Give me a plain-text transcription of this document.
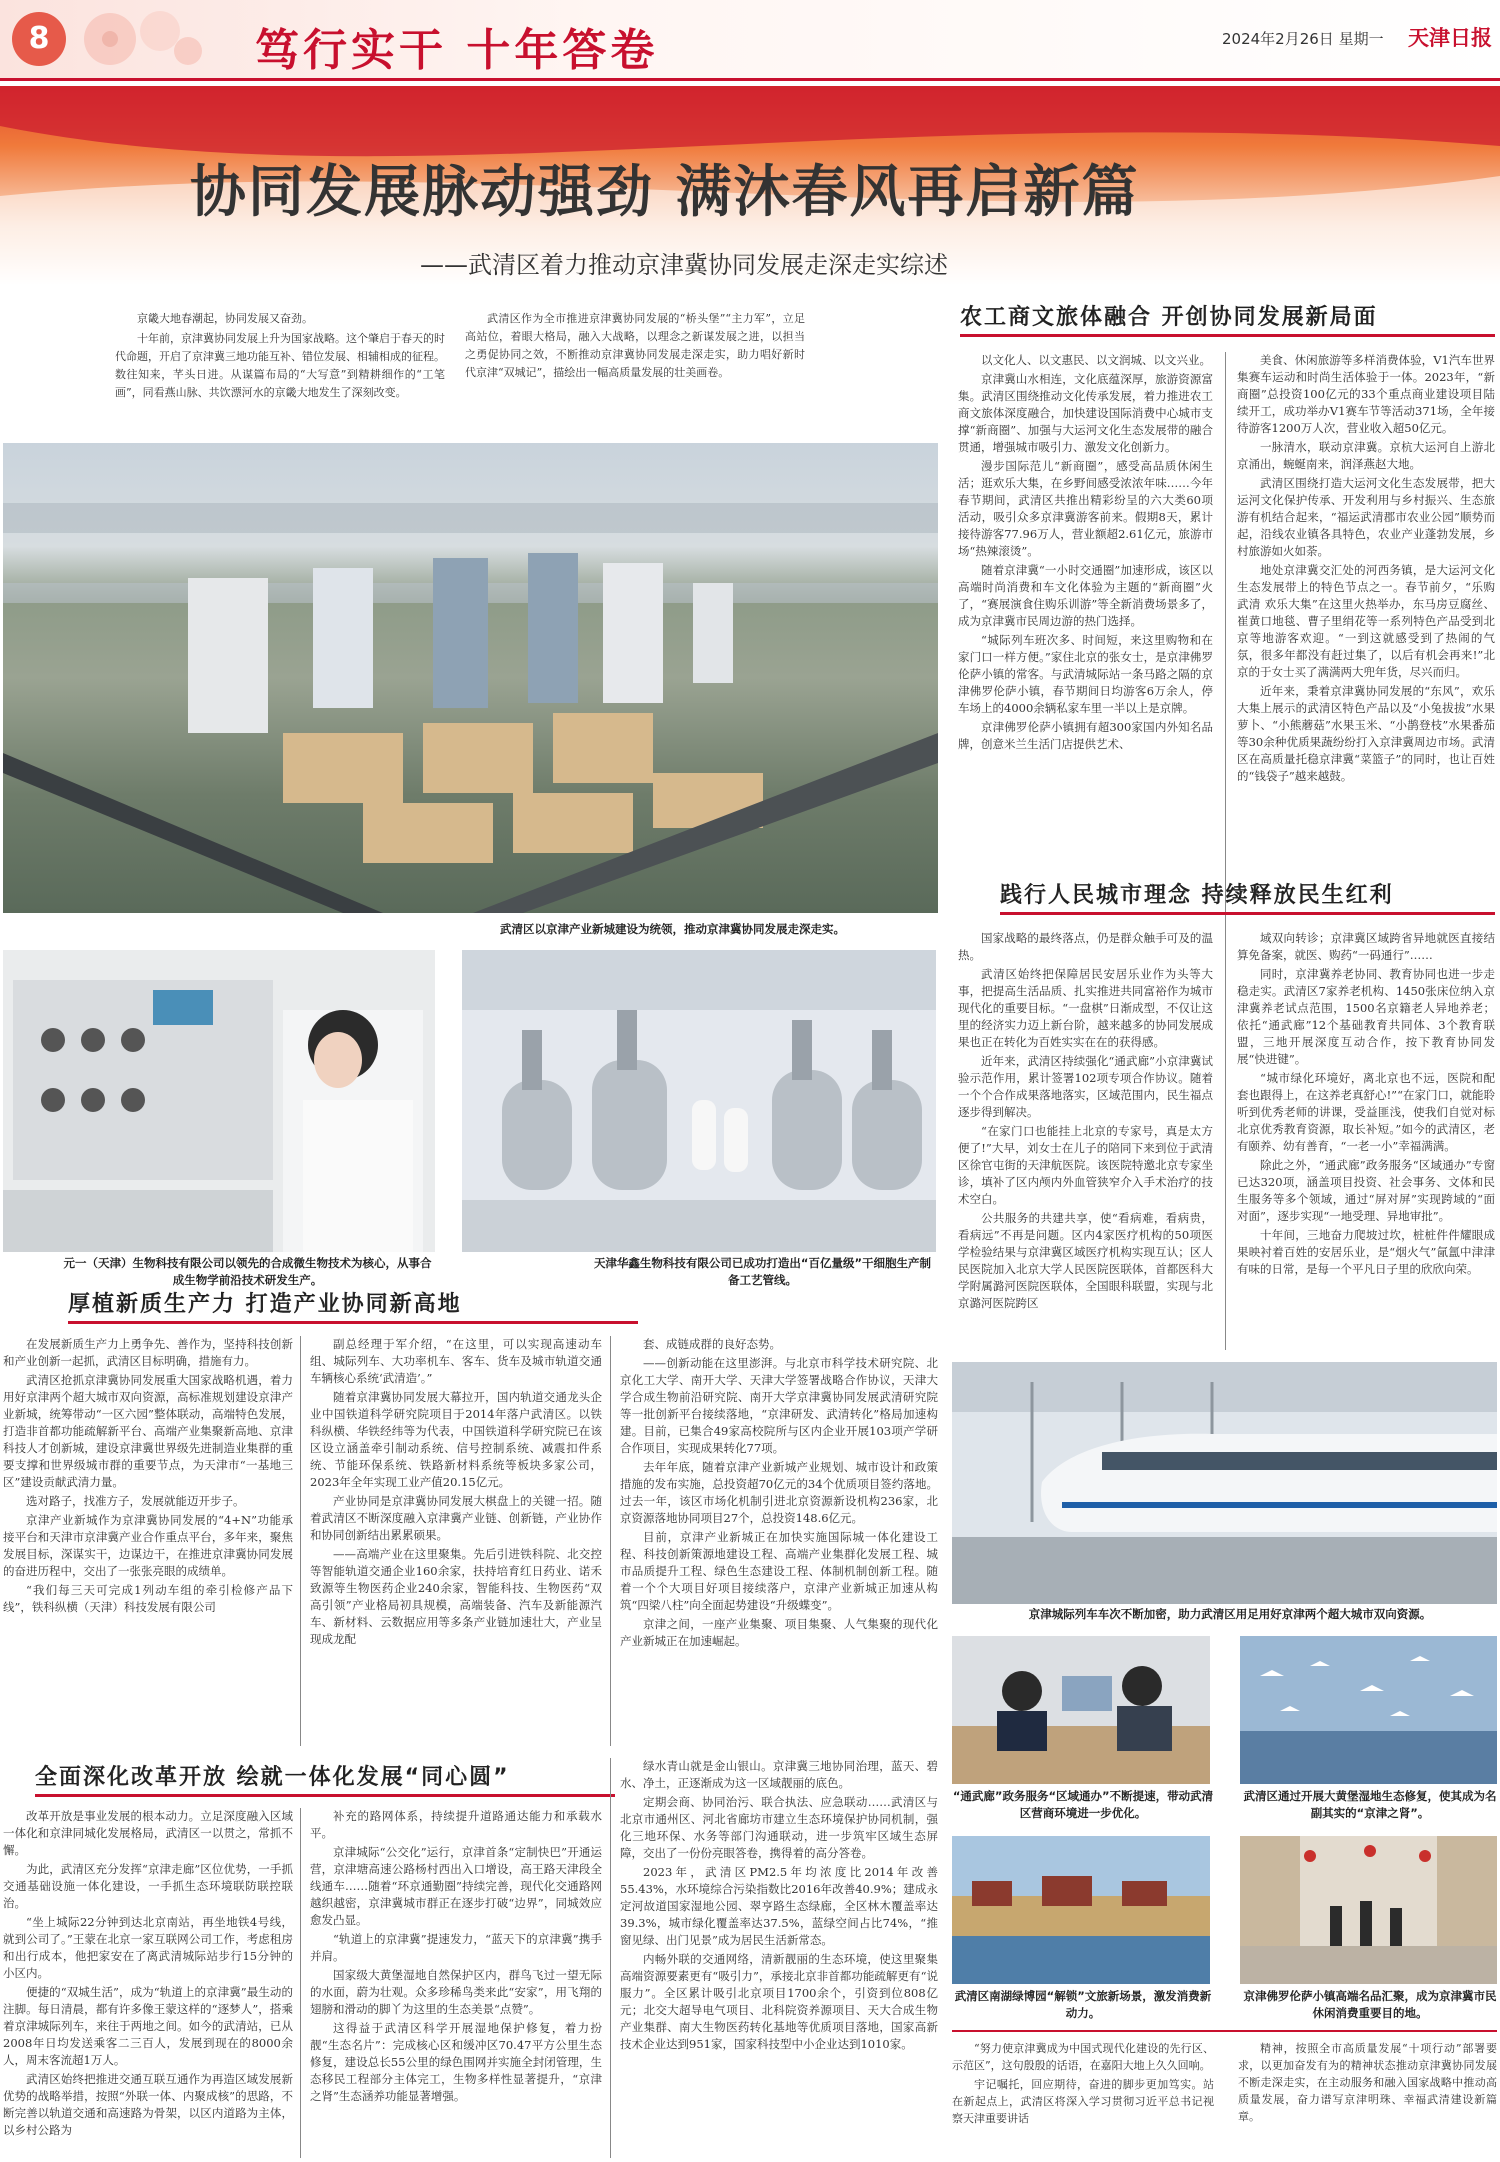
8	笃行实干 十年答卷	2024年2月26日 星期一 天津日报
协同发展脉动强劲 满沐春风再启新篇
——武清区着力推动京津冀协同发展走深走实综述

京畿大地春潮起，协同发展又奋劲。

十年前，京津冀协同发展上升为国家战略。这个肇启于春天的时代命题，开启了京津冀三地功能互补、错位发展、相辅相成的征程。数往知来，芊头日进。从谋篇布局的“大写意”到精耕细作的“工笔画”，同看燕山脉、共饮漂河水的京畿大地发生了深刻改变。

武清区作为全市推进京津冀协同发展的“桥头堡”“主力军”，立足高站位，着眼大格局，融入大战略，以理念之新谋发展之进，以担当之勇促协同之效，不断推动京津冀协同发展走深走实，助力唱好新时代京津“双城记”，描绘出一幅高质量发展的壮美画卷。

武清区以京津产业新城建设为统领，推动京津冀协同发展走深走实。
元一（天津）生物科技有限公司以领先的合成微生物技术为核心，从事合成生物学前沿技术研发生产。
天津华鑫生物科技有限公司已成功打造出“百亿量级”干细胞生产制备工艺管线。
农工商文旅体融合 开创协同发展新局面

以文化人、以文惠民、以文润城、以文兴业。

京津冀山水相连，文化底蕴深厚，旅游资源富集。武清区围绕推动文化传承发展，着力推进农工商文旅体深度融合，加快建设国际消费中心城市支撑“新商圈”、加强与大运河文化生态发展带的融合贯通，增强城市吸引力、激发文化创新力。

漫步国际范儿“新商圈”，感受高品质休闲生活；逛欢乐大集，在乡野间感受浓浓年味……今年春节期间，武清区共推出精彩纷呈的六大类60项活动，吸引众多京津冀游客前来。假期8天，累计接待游客77.96万人，营业额超2.61亿元，旅游市场“热辣滚烫”。

随着京津冀“一小时交通圈”加速形成，该区以高端时尚消费和车文化体验为主题的“新商圈”火了，“赛展演食住购乐训游”等全新消费场景多了，成为京津冀市民周边游的热门选择。

“城际列车班次多、时间短，来这里购物和在家门口一样方便。”家住北京的张女士，是京津佛罗伦萨小镇的常客。与武清城际站一条马路之隔的京津佛罗伦萨小镇，春节期间日均游客6万余人，停车场上的4000余辆私家车里一半以上是京牌。

京津佛罗伦萨小镇拥有超300家国内外知名品牌，创意米兰生活门店提供艺术、

美食、休闲旅游等多样消费体验，V1汽车世界集赛车运动和时尚生活体验于一体。2023年，“新商圈”总投资100亿元的33个重点商业建设项目陆续开工，成功举办V1赛车节等活动371场，全年接待游客1200万人次，营业收入超50亿元。

一脉清水，联动京津冀。京杭大运河自上游北京涌出，蜿蜒南来，润泽燕赵大地。

武清区围绕打造大运河文化生态发展带，把大运河文化保护传承、开发利用与乡村振兴、生态旅游有机结合起来，“福运武清郡市农业公园”顺势而起，沿线农业镇各具特色，农业产业蓬勃发展，乡村旅游如火如荼。

地处京津冀交汇处的河西务镇，是大运河文化生态发展带上的特色节点之一。春节前夕，“乐购武清 欢乐大集”在这里火热举办，东马房豆腐丝、崔黄口地毯、曹子里绢花等一系列特色产品受到北京等地游客欢迎。“一到这就感受到了热闹的气氛，很多年都没有赶过集了，以后有机会再来!”北京的于女士买了满满两大兜年货，尽兴而归。

近年来，秉着京津冀协同发展的“东风”，欢乐大集上展示的武清区特色产品以及“小兔拔拔”水果萝卜、“小熊蘑菇”水果玉米、“小鹊登枝”水果番茄等30余种优质果蔬纷纷打入京津冀周边市场。武清区在高质量托稳京津冀“菜篮子”的同时，也让百姓的“钱袋子”越来越鼓。

践行人民城市理念 持续释放民生红利

国家战略的最终落点，仍是群众触手可及的温热。

武清区始终把保障居民安居乐业作为头等大事，把提高生活品质、扎实推进共同富裕作为城市现代化的重要目标。“一盘棋”日渐成型，不仅让这里的经济实力迈上新台阶，越来越多的协同发展成果也正在转化为百姓实实在在的获得感。

近年来，武清区持续强化“通武廊”小京津冀试验示范作用，累计签署102项专项合作协议。随着一个个合作成果落地落实，区域范围内，民生福点逐步得到解决。

“在家门口也能挂上北京的专家号，真是太方便了!”大早，刘女士在儿子的陪同下来到位于武清区徐官屯街的天津航医院。该医院特邀北京专家坐诊，填补了区内颅内外血管狭窄介入手术治疗的技术空白。

公共服务的共建共享，使“看病难，看病贵，看病远”不再是问题。区内4家医疗机构的50项医学检验结果与京津冀区域医疗机构实现互认；区人民医院加入北京大学人民医院医联体，首都医科大学附属潞河医院医联体，全国眼科联盟，实现与北京潞河医院跨区

域双向转诊；京津冀区域跨省异地就医直接结算免备案，就医、购药“一码通行”……

同时，京津冀养老协同、教育协同也进一步走稳走实。武清区7家养老机构、1450张床位纳入京津冀养老试点范围，1500名京籍老人异地养老；依托“通武廊”12个基础教育共同体、3个教育联盟，三地开展深度互动合作，按下教育协同发展“快进键”。

“城市绿化环境好，离北京也不远，医院和配套也跟得上，在这养老真舒心!”“在家门口，就能聆听到优秀老师的讲课，受益匪浅，使我们自觉对标北京优秀教育资源，取长补短。”如今的武清区，老有颐养、幼有善育，“一老一小”幸福满满。

除此之外，“通武廊”政务服务“区域通办”专窗已达320项，涵盖项目投资、社会事务、文体和民生服务等多个领域，通过“屏对屏”实现跨域的“面对面”，逐步实现“一地受理、异地审批”。

十年间，三地奋力爬坡过坎，桩桩件件耀眼成果映衬着百姓的安居乐业，是“烟火气”氤氲中津津有味的日常，是每一个平凡日子里的欣欣向荣。

京津城际列车车次不断加密，助力武清区用足用好京津两个超大城市双向资源。
厚植新质生产力 打造产业协同新高地

在发展新质生产力上勇争先、善作为，坚持科技创新和产业创新一起抓，武清区目标明确，措施有力。

武清区抢抓京津冀协同发展重大国家战略机遇，着力用好京津两个超大城市双向资源，高标准规划建设京津产业新城，统筹带动“一区六园”整体联动，高端特色发展，打造非首都功能疏解新平台、高端产业集聚新高地、京津科技人才创新城，建设京津冀世界级先进制造业集群的重要支撑和世界级城市群的重要节点，为天津市“一基地三区”建设贡献武清力量。

选对路子，找准方子，发展就能迈开步子。

京津产业新城作为京津冀协同发展的“4+N”功能承接平台和天津市京津冀产业合作重点平台，多年来，聚焦发展目标，深谋实干，边谋边干，在推进京津冀协同发展的奋进历程中，交出了一张张亮眼的成绩单。

“我们每三天可完成1列动车组的牵引检修产品下线”，铁科纵横（天津）科技发展有限公司

副总经理于军介绍，“在这里，可以实现高速动车组、城际列车、大功率机车、客车、货车及城市轨道交通车辆核心系统‘武清造’。”

随着京津冀协同发展大幕拉开，国内轨道交通龙头企业中国铁道科学研究院项目于2014年落户武清区。以铁科纵横、华铁经纬等为代表，中国铁道科学研究院已在该区设立涵盖牵引制动系统、信号控制系统、减震扣件系统、节能环保系统、铁路新材料系统等板块多家公司，2023年全年实现工业产值20.15亿元。

产业协同是京津冀协同发展大棋盘上的关键一招。随着武清区不断深度融入京津冀产业链、创新链，产业协作和协同创新结出累累硕果。

——高端产业在这里聚集。先后引进铁科院、北交控等智能轨道交通企业160余家，扶持培育红日药业、诺禾致源等生物医药企业240余家，智能科技、生物医药“双高引领”产业格局初具规模，高端装备、汽车及新能源汽车、新材料、云数据应用等多条产业链加速壮大，产业呈现成龙配

套、成链成群的良好态势。

——创新动能在这里澎湃。与北京市科学技术研究院、北京化工大学、南开大学、天津大学签署战略合作协议，天津大学合成生物前沿研究院、南开大学京津冀协同发展武清研究院等一批创新平台接续落地，“京津研发、武清转化”格局加速构建。目前，已集合49家高校院所与区内企业开展103项产学研合作项目，实现成果转化77项。

去年年底，随着京津产业新城产业规划、城市设计和政策措施的发布实施，总投资超70亿元的34个优质项目签约落地。过去一年，该区市场化机制引进北京资源新设机构236家，北京资源落地协同项目27个，总投资148.6亿元。

目前，京津产业新城正在加快实施国际城一体化建设工程、科技创新策源地建设工程、高端产业集群化发展工程、城市品质提升工程、绿色生态建设工程、体制机制创新工程。随着一个个大项目好项目接续落户，京津产业新城正加速从构筑“四梁八柱”向全面起势建设“升级蝶变”。

京津之间，一座产业集聚、项目集聚、人气集聚的现代化产业新城正在加速崛起。

全面深化改革开放 绘就一体化发展“同心圆”

改革开放是事业发展的根本动力。立足深度融入区域一体化和京津同城化发展格局，武清区一以贯之，常抓不懈。

为此，武清区充分发挥“京津走廊”区位优势，一手抓交通基础设施一体化建设，一手抓生态环境联防联控联治。

“坐上城际22分钟到达北京南站，再坐地铁4号线，就到公司了。”王蒙在北京一家互联网公司工作，考虑租房和出行成本，他把家安在了离武清城际站步行15分钟的小区内。

便捷的“双城生活”，成为“轨道上的京津冀”最生动的注脚。每日清晨，都有许多像王蒙这样的“逐梦人”，搭乘着京津城际列车，来往于两地之间。如今的武清站，已从2008年日均发送乘客二三百人，发展到现在的8000余人，周末客流超1万人。

武清区始终把推进交通互联互通作为再造区域发展新优势的战略举措，按照“外联一体、内聚成核”的思路，不断完善以轨道交通和高速路为骨架，以区内道路为主体，以乡村公路为

补充的路网体系，持续提升道路通达能力和承载水平。

京津城际“公交化”运行，京津首条“定制快巴”开通运营，京津塘高速公路杨村西出入口增设，高王路天津段全线通车……随着“环京通勤圈”持续完善，现代化交通路网越织越密，京津冀城市群正在逐步打破“边界”，同城效应愈发凸显。

“轨道上的京津冀”提速发力，“蓝天下的京津冀”携手并肩。

国家级大黄堡湿地自然保护区内，群鸟飞过一望无际的水面，蔚为壮观。众多珍稀鸟类来此“安家”，用飞翔的翅膀和滑动的脚丫为这里的生态美景“点赞”。

这得益于武清区科学开展湿地保护修复，着力扮靓“生态名片”：完成核心区和缓冲区70.47平方公里生态修复，建设总长55公里的绿色围网并实施全封闭管理，生态移民工程部分主体完工，生物多样性显著提升，“京津之肾”生态涵养功能显著增强。

绿水青山就是金山银山。京津冀三地协同治理，蓝天、碧水、净土，正逐渐成为这一区域靓丽的底色。

定期会商、协同治污、联合执法、应急联动……武清区与北京市通州区、河北省廊坊市建立生态环境保护协同机制，强化三地环保、水务等部门沟通联动，进一步筑牢区域生态屏障，交出了一份份亮眼答卷，携得着的高分答卷。

2023年，武清区PM2.5年均浓度比2014年改善55.43%，水环境综合污染指数比2016年改善40.9%；建成永定河故道国家湿地公园、翠亨路生态绿廊，全区林木覆盖率达39.3%，城市绿化覆盖率达37.5%，蓝绿空间占比74%，“推窗见绿、出门见景”成为居民生活新常态。

内畅外联的交通网络，清新靓丽的生态环境，使这里聚集高端资源要素更有“吸引力”，承接北京非首都功能疏解更有“说服力”。全区累计吸引北京项目1700余个，引资到位808亿元；北交大超导电气项目、北科院资养源项目、天大合成生物产业集群、南大生物医药转化基地等优质项目落地，国家高新技术企业达到951家，国家科技型中小企业达到1010家。

“通武廊”政务服务“区域通办”不断提速，带动武清区营商环境进一步优化。
武清区通过开展大黄堡湿地生态修复，使其成为名副其实的“京津之肾”。
武清区南湖绿博园“解锁”文旅新场景，激发消费新动力。
京津佛罗伦萨小镇高端名品汇聚，成为京津冀市民休闲消费重要目的地。

“努力使京津冀成为中国式现代化建设的先行区、示范区”，这句殷殷的话语，在嘉阳大地上久久回响。

宇记嘱托，回应期待，奋进的脚步更加笃实。站在新起点上，武清区将深入学习贯彻习近平总书记视察天津重要讲话

精神，按照全市高质量发展“十项行动”部署要求，以更加奋发有为的精神状态推动京津冀协同发展不断走深走实，在主动服务和融入国家战略中推动高质量发展，奋力谱写京津明珠、幸福武清建设新篇章。
